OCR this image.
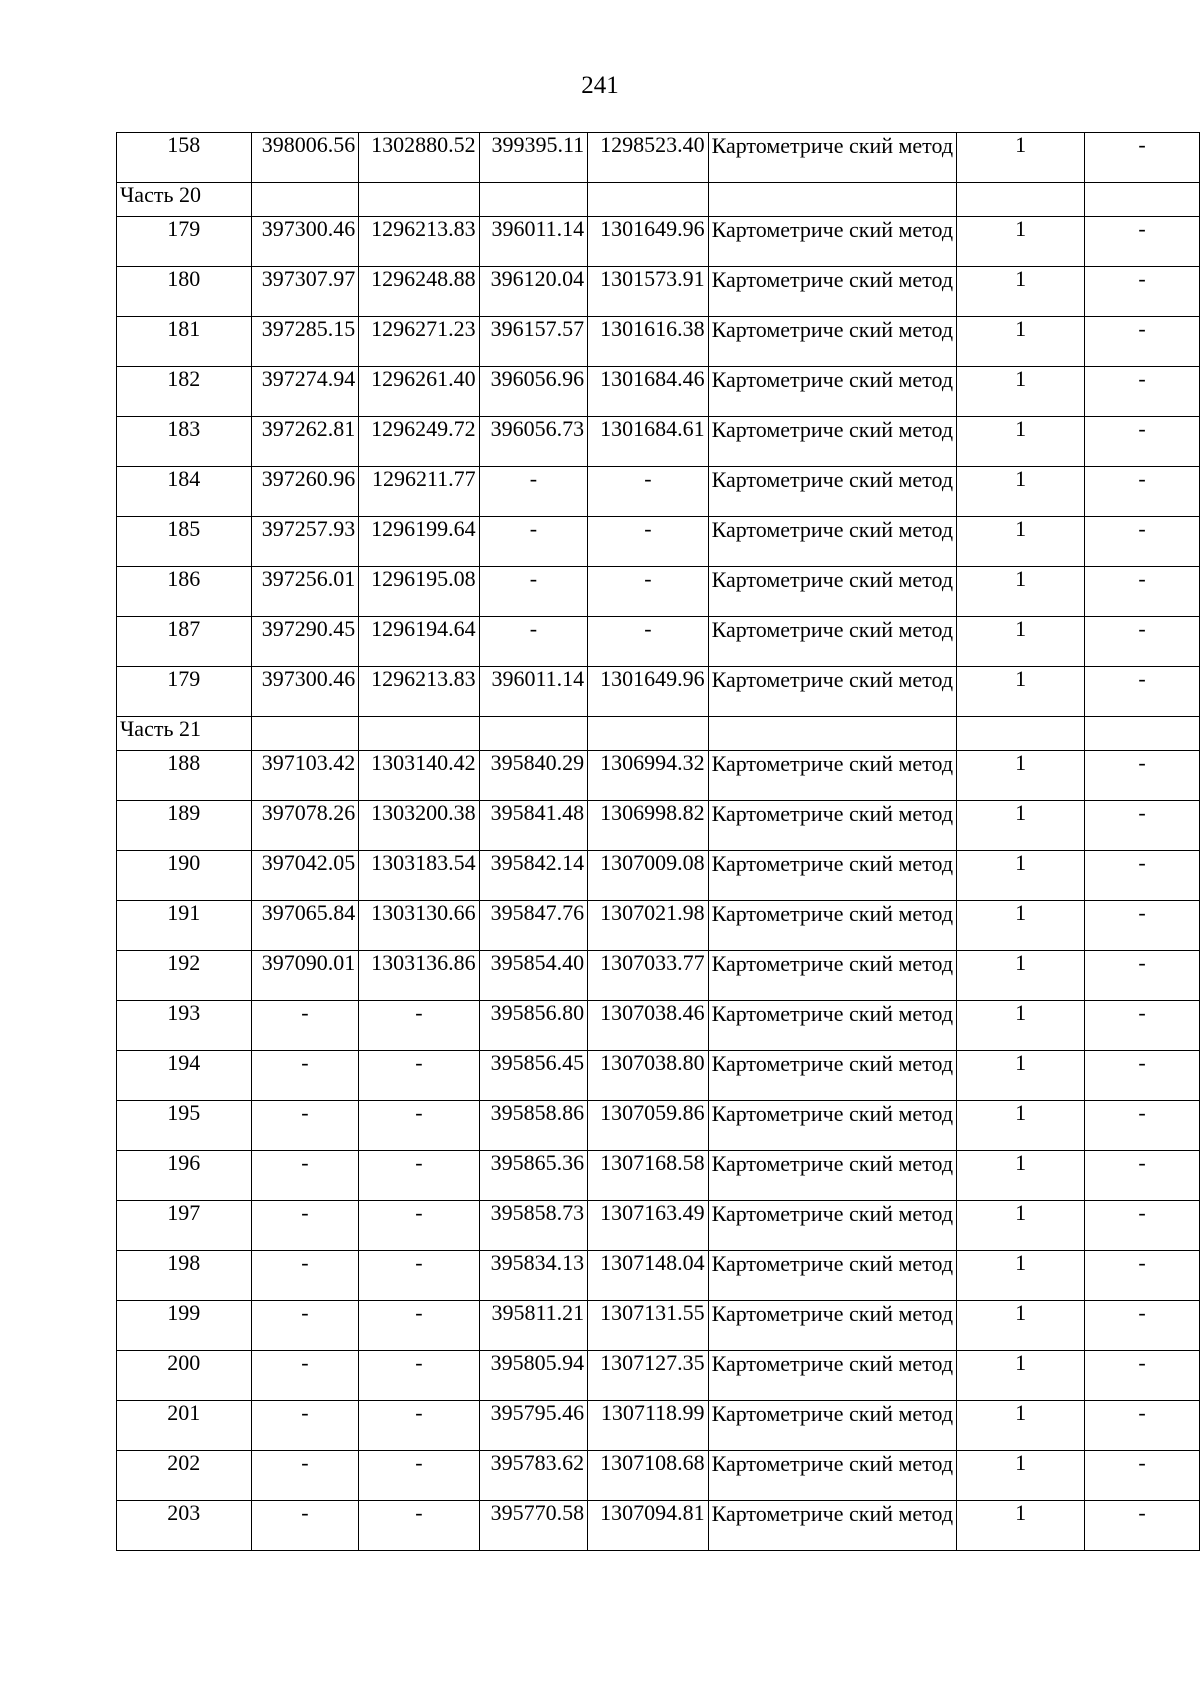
241
158	398006.56	1302880.52	399395.11	1298523.40	Картометриче ский метод	1	-
Часть 20							
179	397300.46	1296213.83	396011.14	1301649.96	Картометриче ский метод	1	-
180	397307.97	1296248.88	396120.04	1301573.91	Картометриче ский метод	1	-
181	397285.15	1296271.23	396157.57	1301616.38	Картометриче ский метод	1	-
182	397274.94	1296261.40	396056.96	1301684.46	Картометриче ский метод	1	-
183	397262.81	1296249.72	396056.73	1301684.61	Картометриче ский метод	1	-
184	397260.96	1296211.77	-	-	Картометриче ский метод	1	-
185	397257.93	1296199.64	-	-	Картометриче ский метод	1	-
186	397256.01	1296195.08	-	-	Картометриче ский метод	1	-
187	397290.45	1296194.64	-	-	Картометриче ский метод	1	-
179	397300.46	1296213.83	396011.14	1301649.96	Картометриче ский метод	1	-
Часть 21							
188	397103.42	1303140.42	395840.29	1306994.32	Картометриче ский метод	1	-
189	397078.26	1303200.38	395841.48	1306998.82	Картометриче ский метод	1	-
190	397042.05	1303183.54	395842.14	1307009.08	Картометриче ский метод	1	-
191	397065.84	1303130.66	395847.76	1307021.98	Картометриче ский метод	1	-
192	397090.01	1303136.86	395854.40	1307033.77	Картометриче ский метод	1	-
193	-	-	395856.80	1307038.46	Картометриче ский метод	1	-
194	-	-	395856.45	1307038.80	Картометриче ский метод	1	-
195	-	-	395858.86	1307059.86	Картометриче ский метод	1	-
196	-	-	395865.36	1307168.58	Картометриче ский метод	1	-
197	-	-	395858.73	1307163.49	Картометриче ский метод	1	-
198	-	-	395834.13	1307148.04	Картометриче ский метод	1	-
199	-	-	395811.21	1307131.55	Картометриче ский метод	1	-
200	-	-	395805.94	1307127.35	Картометриче ский метод	1	-
201	-	-	395795.46	1307118.99	Картометриче ский метод	1	-
202	-	-	395783.62	1307108.68	Картометриче ский метод	1	-
203	-	-	395770.58	1307094.81	Картометриче ский метод	1	-
